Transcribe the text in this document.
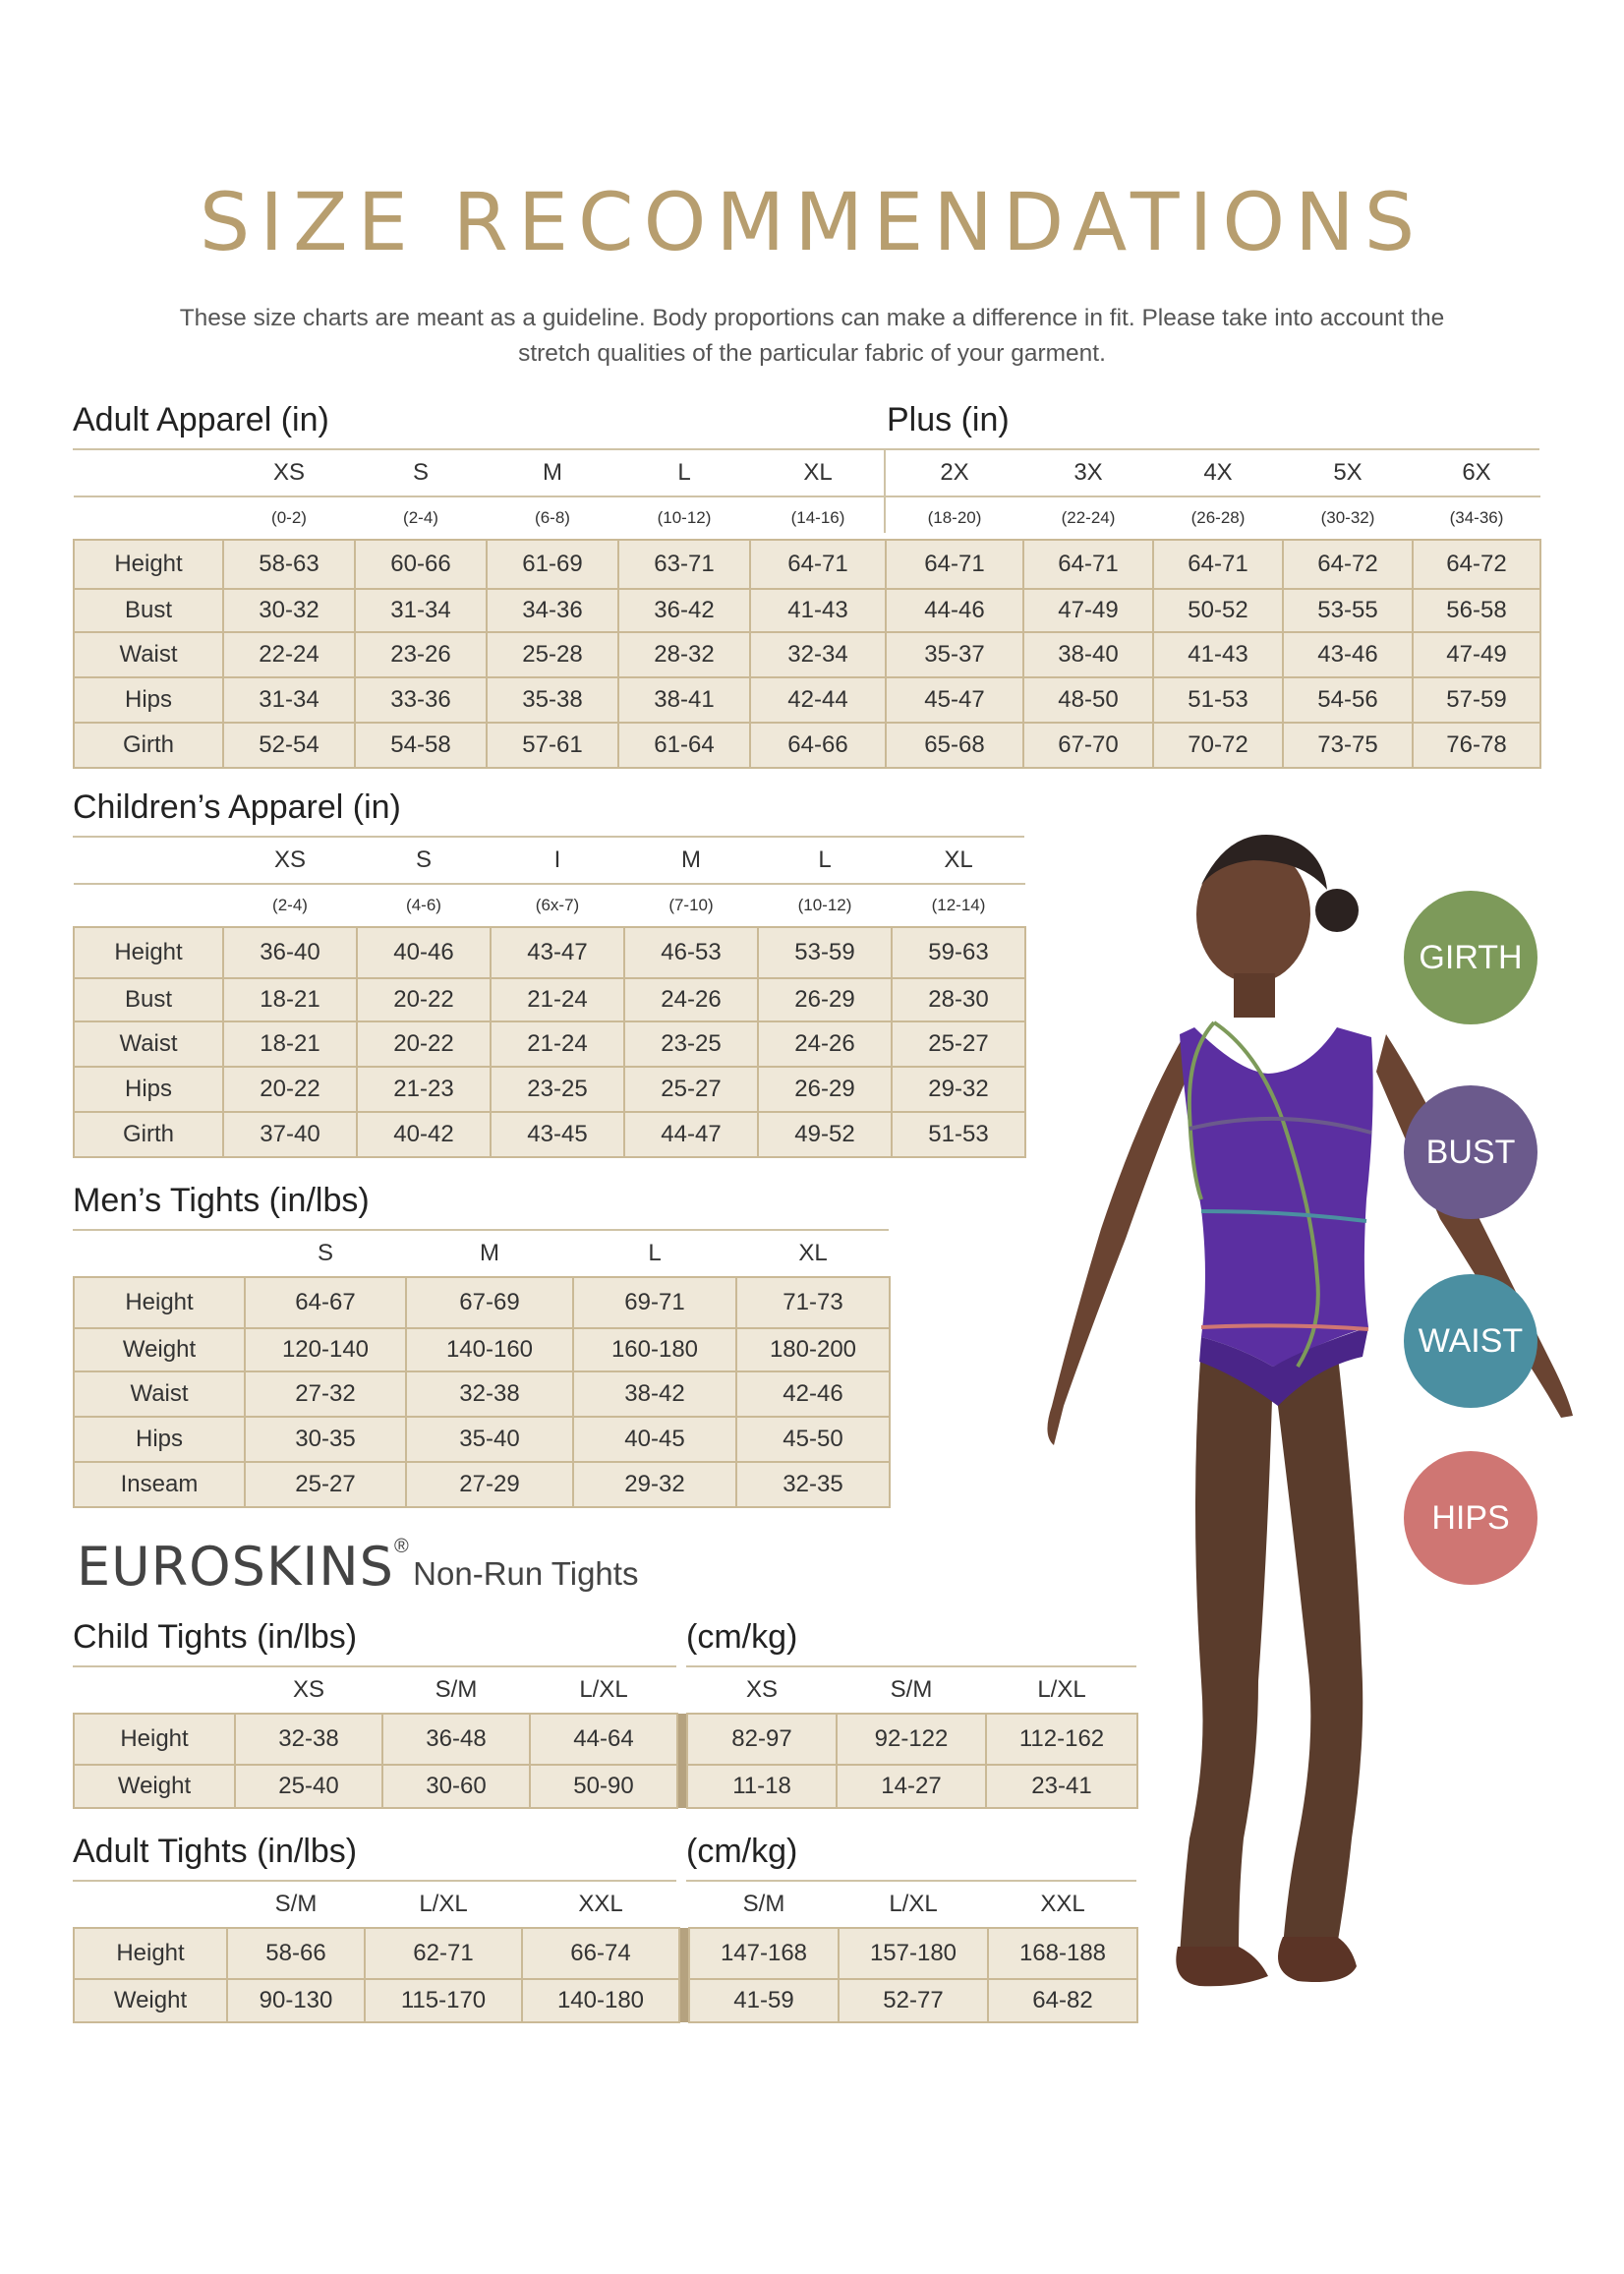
SIZE RECOMMENDATIONS
These size charts are meant as a guideline. Body proportions can make a difference in fit. Please take into account the stretch qualities of the particular fabric of your garment.
Adult Apparel (in)	Plus (in)
	XS	S	M	L	XL	2X	3X	4X	5X	6X
	(0-2)	(2-4)	(6-8)	(10-12)	(14-16)	(18-20)	(22-24)	(26-28)	(30-32)	(34-36)
Height	58-63	60-66	61-69	63-71	64-71	64-71	64-71	64-71	64-72	64-72
Bust	30-32	31-34	34-36	36-42	41-43	44-46	47-49	50-52	53-55	56-58
Waist	22-24	23-26	25-28	28-32	32-34	35-37	38-40	41-43	43-46	47-49
Hips	31-34	33-36	35-38	38-41	42-44	45-47	48-50	51-53	54-56	57-59
Girth	52-54	54-58	57-61	61-64	64-66	65-68	67-70	70-72	73-75	76-78
Children’s Apparel (in)
	XS	S	I	M	L	XL
	(2-4)	(4-6)	(6x-7)	(7-10)	(10-12)	(12-14)
Height	36-40	40-46	43-47	46-53	53-59	59-63
Bust	18-21	20-22	21-24	24-26	26-29	28-30
Waist	18-21	20-22	21-24	23-25	24-26	25-27
Hips	20-22	21-23	23-25	25-27	26-29	29-32
Girth	37-40	40-42	43-45	44-47	49-52	51-53
Men’s Tights (in/lbs)
	S	M	L	XL
Height	64-67	67-69	69-71	71-73
Weight	120-140	140-160	160-180	180-200
Waist	27-32	32-38	38-42	42-46
Hips	30-35	35-40	40-45	45-50
Inseam	25-27	27-29	29-32	32-35
EUROSKINS® Non-Run Tights
Child Tights (in/lbs)	(cm/kg)
	XS	S/M	L/XL		XS	S/M	L/XL
Height	32-38	36-48	44-64		82-97	92-122	112-162
Weight	25-40	30-60	50-90		11-18	14-27	23-41
Adult Tights (in/lbs)	(cm/kg)
	S/M	L/XL	XXL		S/M	L/XL	XXL
Height	58-66	62-71	66-74		147-168	157-180	168-188
Weight	90-130	115-170	140-180		41-59	52-77	64-82
GIRTH
BUST
WAIST
HIPS
